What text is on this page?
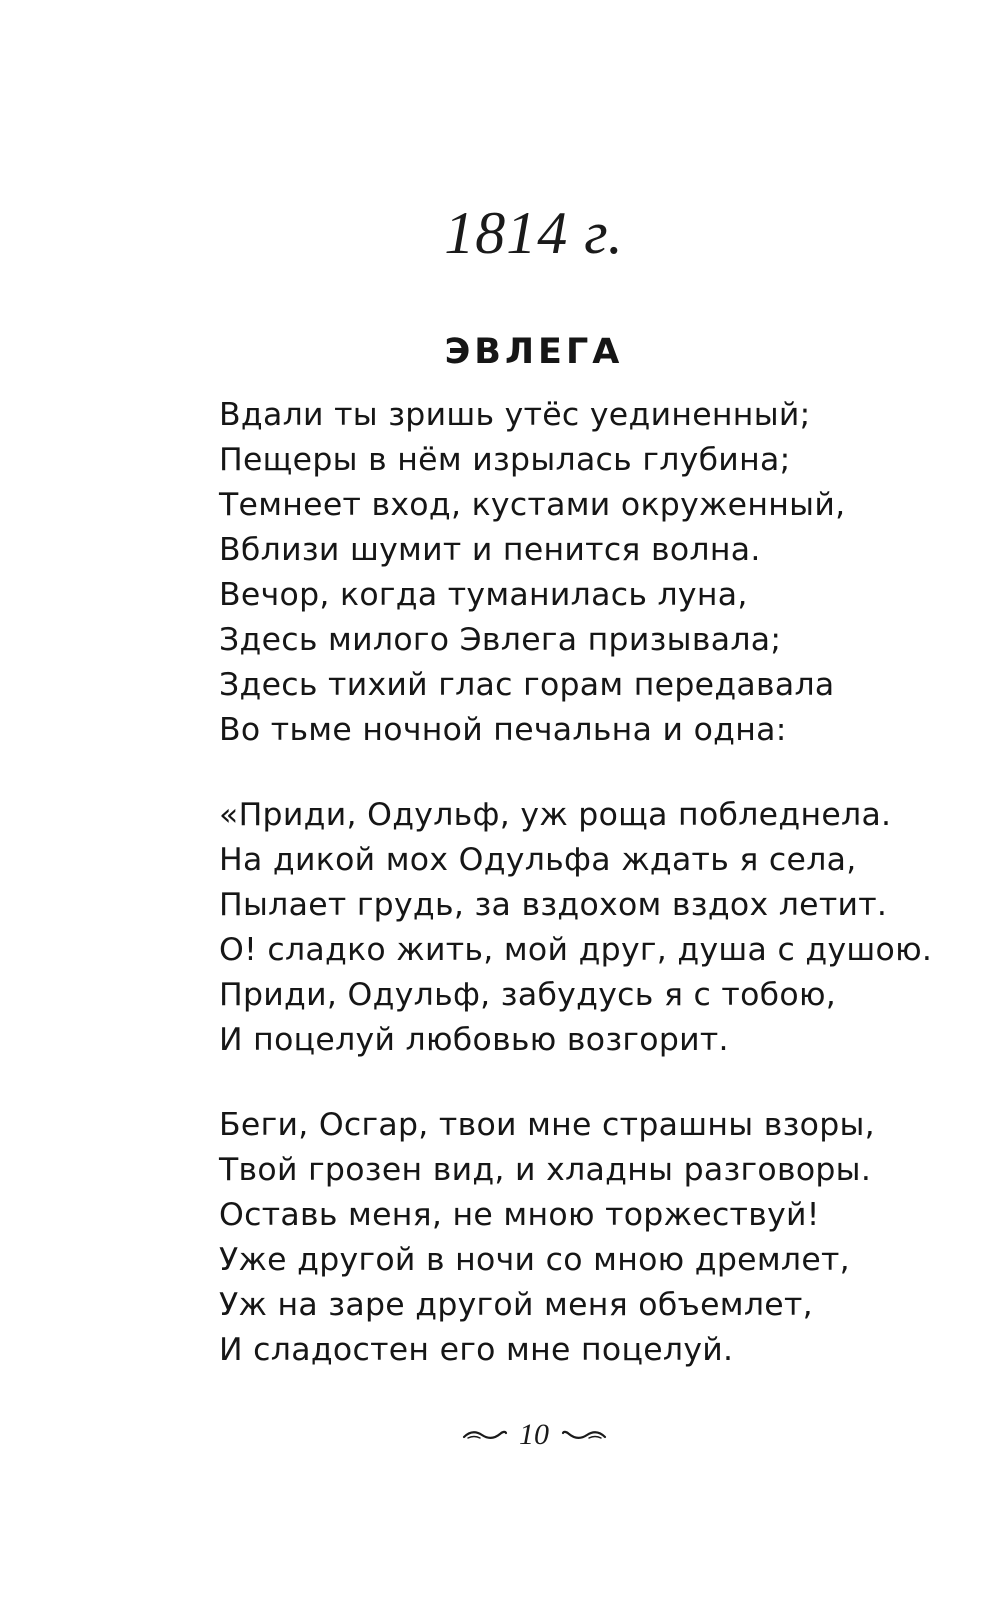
1814 г.
ЭВЛЕГА
Вдали ты зришь утёс уединенный;
Пещеры в нём изрылась глубина;
Темнеет вход, кустами окруженный,
Вблизи шумит и пенится волна.
Вечор, когда туманилась луна,
Здесь милого Эвлега призывала;
Здесь тихий глас горам передавала
Во тьме ночной печальна и одна:
«Приди, Одульф, уж роща побледнела.
На дикой мох Одульфа ждать я села,
Пылает грудь, за вздохом вздох летит.
О! сладко жить, мой друг, душа с душою.
Приди, Одульф, забудусь я с тобою,
И поцелуй любовью возгорит.
Беги, Осгар, твои мне страшны взоры,
Твой грозен вид, и хладны разговоры.
Оставь меня, не мною торжествуй!
Уже другой в ночи со мною дремлет,
Уж на заре другой меня объемлет,
И сладостен его мне поцелуй.
10
